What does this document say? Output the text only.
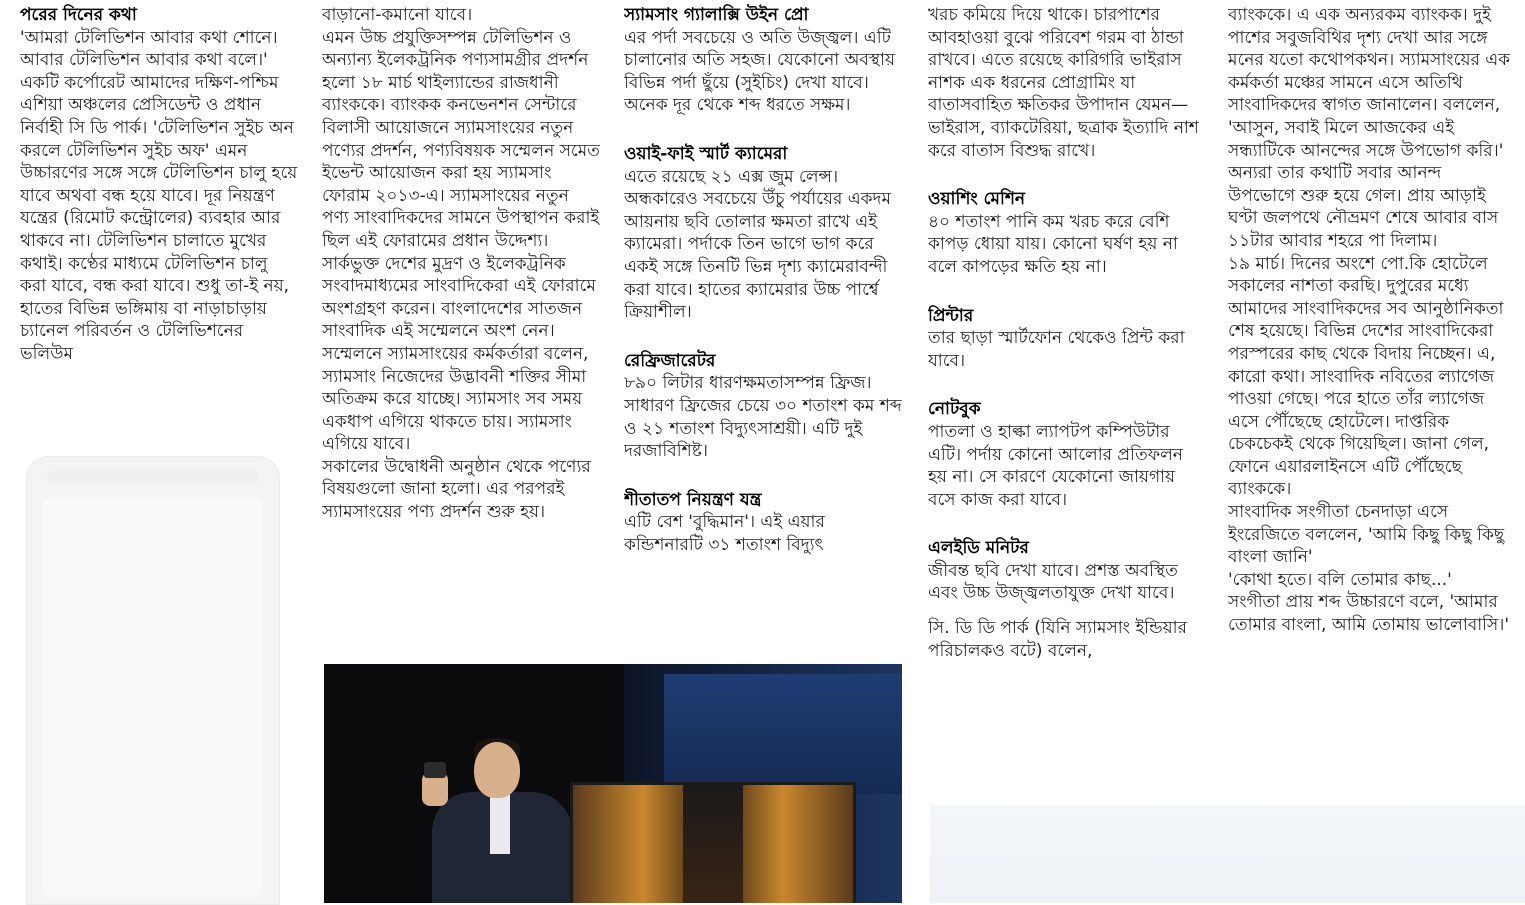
পরের দিনের কথা

'আমরা টেলিভিশন আবার কথা শোনে। আবার টেলিভিশন আবার কথা বলে।' একটি কর্পোরেট আমাদের দক্ষিণ-পশ্চিম এশিয়া অঞ্চলের প্রেসিডেন্ট ও প্রধান নির্বাহী সি ডি পার্ক। 'টেলিভিশন সুইচ অন করলে টেলিভিশন সুইচ অফ' এমন উচ্চারণের সঙ্গে সঙ্গে টেলিভিশন চালু হয়ে যাবে অথবা বন্ধ হয়ে যাবে। দূর নিয়ন্ত্রণ যন্ত্রের (রিমোট কন্ট্রোলের) ব্যবহার আর থাকবে না। টেলিভিশন চালাতে মুখের কথাই। কণ্ঠের মাধ্যমে টেলিভিশন চালু করা যাবে, বন্ধ করা যাবে। শুধু তা-ই নয়, হাতের বিভিন্ন ভঙ্গিমায় বা নাড়াচাড়ায় চ্যানেল পরিবর্তন ও টেলিভিশনের ভলিউম

বাড়ানো-কমানো যাবে।

এমন উচ্চ প্রযুক্তিসম্পন্ন টেলিভিশন ও অন্যান্য ইলেকট্রনিক পণ্যসামগ্রীর প্রদর্শন হলো ১৮ মার্চ থাইল্যান্ডের রাজধানী ব্যাংককে। ব্যাংকক কনভেনশন সেন্টারে বিলাসী আয়োজনে স্যামসাংয়ের নতুন পণ্যের প্রদর্শন, পণ্যবিষয়ক সম্মেলন সমেত ইভেন্ট আয়োজন করা হয় স্যামসাং ফোরাম ২০১৩-এ। স্যামসাংয়ের নতুন পণ্য সাংবাদিকদের সামনে উপস্থাপন করাই ছিল এই ফোরামের প্রধান উদ্দেশ্য। সার্কভুক্ত দেশের মুদ্রণ ও ইলেকট্রনিক সংবাদমাধ্যমের সাংবাদিকেরা এই ফোরামে অংশগ্রহণ করেন। বাংলাদেশের সাতজন সাংবাদিক এই সম্মেলনে অংশ নেন। সম্মেলনে স্যামসাংয়ের কর্মকর্তারা বলেন, স্যামসাং নিজেদের উদ্ভাবনী শক্তির সীমা অতিক্রম করে যাচ্ছে। স্যামসাং সব সময় একধাপ এগিয়ে থাকতে চায়। স্যামসাং এগিয়ে যাবে।

সকালের উদ্বোধনী অনুষ্ঠান থেকে পণ্যের বিষয়গুলো জানা হলো। এর পরপরই স্যামসাংয়ের পণ্য প্রদর্শন শুরু হয়।

স্যামসাং গ্যালাক্সি উইন প্রো

এর পর্দা সবচেয়ে ও অতি উজ্জ্বল। এটি চালানোর অতি সহজ। যেকোনো অবস্থায় বিভিন্ন পর্দা ছুঁয়ে (সুইচিং) দেখা যাবে। অনেক দূর থেকে শব্দ ধরতে সক্ষম।

ওয়াই-ফাই স্মার্ট ক্যামেরা

এতে রয়েছে ২১ এক্স জুম লেন্স। অন্ধকারেও সবচেয়ে উঁচু পর্যায়ের একদম আয়নায় ছবি তোলার ক্ষমতা রাখে এই ক্যামেরা। পর্দাকে তিন ভাগে ভাগ করে একই সঙ্গে তিনটি ভিন্ন দৃশ্য ক্যামেরাবন্দী করা যাবে। হাতের ক্যামেরার উচ্চ পার্শ্বে ক্রিয়াশীল।

রেফ্রিজারেটর

৮৯০ লিটার ধারণক্ষমতাসম্পন্ন ফ্রিজ। সাধারণ ফ্রিজের চেয়ে ৩০ শতাংশ কম শব্দ ও ২১ শতাংশ বিদ্যুৎসাশ্রয়ী। এটি দুই দরজাবিশিষ্ট।

শীতাতপ নিয়ন্ত্রণ যন্ত্র

এটি বেশ 'বুদ্ধিমান'। এই এয়ার কন্ডিশনারটি ৩১ শতাংশ বিদ্যুৎ

খরচ কমিয়ে দিয়ে থাকে। চারপাশের আবহাওয়া বুঝে পরিবেশ গরম বা ঠান্ডা রাখবে। এতে রয়েছে কারিগরি ভাইরাস নাশক এক ধরনের প্রোগ্রামিং যা বাতাসবাহিত ক্ষতিকর উপাদান যেমন— ভাইরাস, ব্যাকটেরিয়া, ছত্রাক ইত্যাদি নাশ করে বাতাস বিশুদ্ধ রাখে।

ওয়াশিং মেশিন

৪০ শতাংশ পানি কম খরচ করে বেশি কাপড় ধোয়া যায়। কোনো ঘর্ষণ হয় না বলে কাপড়ের ক্ষতি হয় না।

প্রিন্টার

তার ছাড়া স্মার্টফোন থেকেও প্রিন্ট করা যাবে।

নোটবুক

পাতলা ও হাল্কা ল্যাপটপ কম্পিউটার এটি। পর্দায় কোনো আলোর প্রতিফলন হয় না। সে কারণে যেকোনো জায়গায় বসে কাজ করা যাবে।

এলইডি মনিটর

জীবন্ত ছবি দেখা যাবে। প্রশস্ত অবস্থিত এবং উচ্চ উজ্জ্বলতাযুক্ত দেখা যাবে।

সি. ডি ডি পার্ক (যিনি স্যামসাং ইন্ডিয়ার পরিচালকও বটে) বলেন,

ব্যাংককে। এ এক অন্যরকম ব্যাংকক। দুই পাশের সবুজবিথির দৃশ্য দেখা আর সঙ্গে মনের যতো কথোপকথন। স্যামসাংয়ের এক কর্মকর্তা মঞ্চের সামনে এসে অতিথি সাংবাদিকদের স্বাগত জানালেন। বললেন, 'আসুন, সবাই মিলে আজকের এই সন্ধ্যাটিকে আনন্দের সঙ্গে উপভোগ করি।' অন্যরা তার কথাটি সবার আনন্দ উপভোগে শুরু হয়ে গেল। প্রায় আড়াই ঘণ্টা জলপথে নৌভ্রমণ শেষে আবার বাস ১১টার আবার শহরে পা দিলাম।

১৯ মার্চ। দিনের অংশে পো.কি হোটেলে সকালের নাশতা করছি। দুপুরের মধ্যে আমাদের সাংবাদিকদের সব আনুষ্ঠানিকতা শেষ হয়েছে। বিভিন্ন দেশের সাংবাদিকেরা পরস্পরের কাছ থেকে বিদায় নিচ্ছেন। এ, কারো কথা। সাংবাদিক নবিতের ল্যাগেজ পাওয়া গেছে। পরে হাতে তাঁর ল্যাগেজ এসে পৌঁছেছে হোটেলে। দাপ্তরিক চেকচেকই থেকে গিয়েছিল। জানা গেল, ফোনে এয়ারলাইনসে এটি পৌঁছেছে ব্যাংককে।

সাংবাদিক সংগীতা চেনদাড়া এসে ইংরেজিতে বললেন, 'আমি কিছু কিছু কিছু বাংলা জানি'

'কোথা হতে। বলি তোমার কাছ...'

সংগীতা প্রায় শব্দ উচ্চারণে বলে, 'আমার তোমার বাংলা, আমি তোমায় ভালোবাসি।'
